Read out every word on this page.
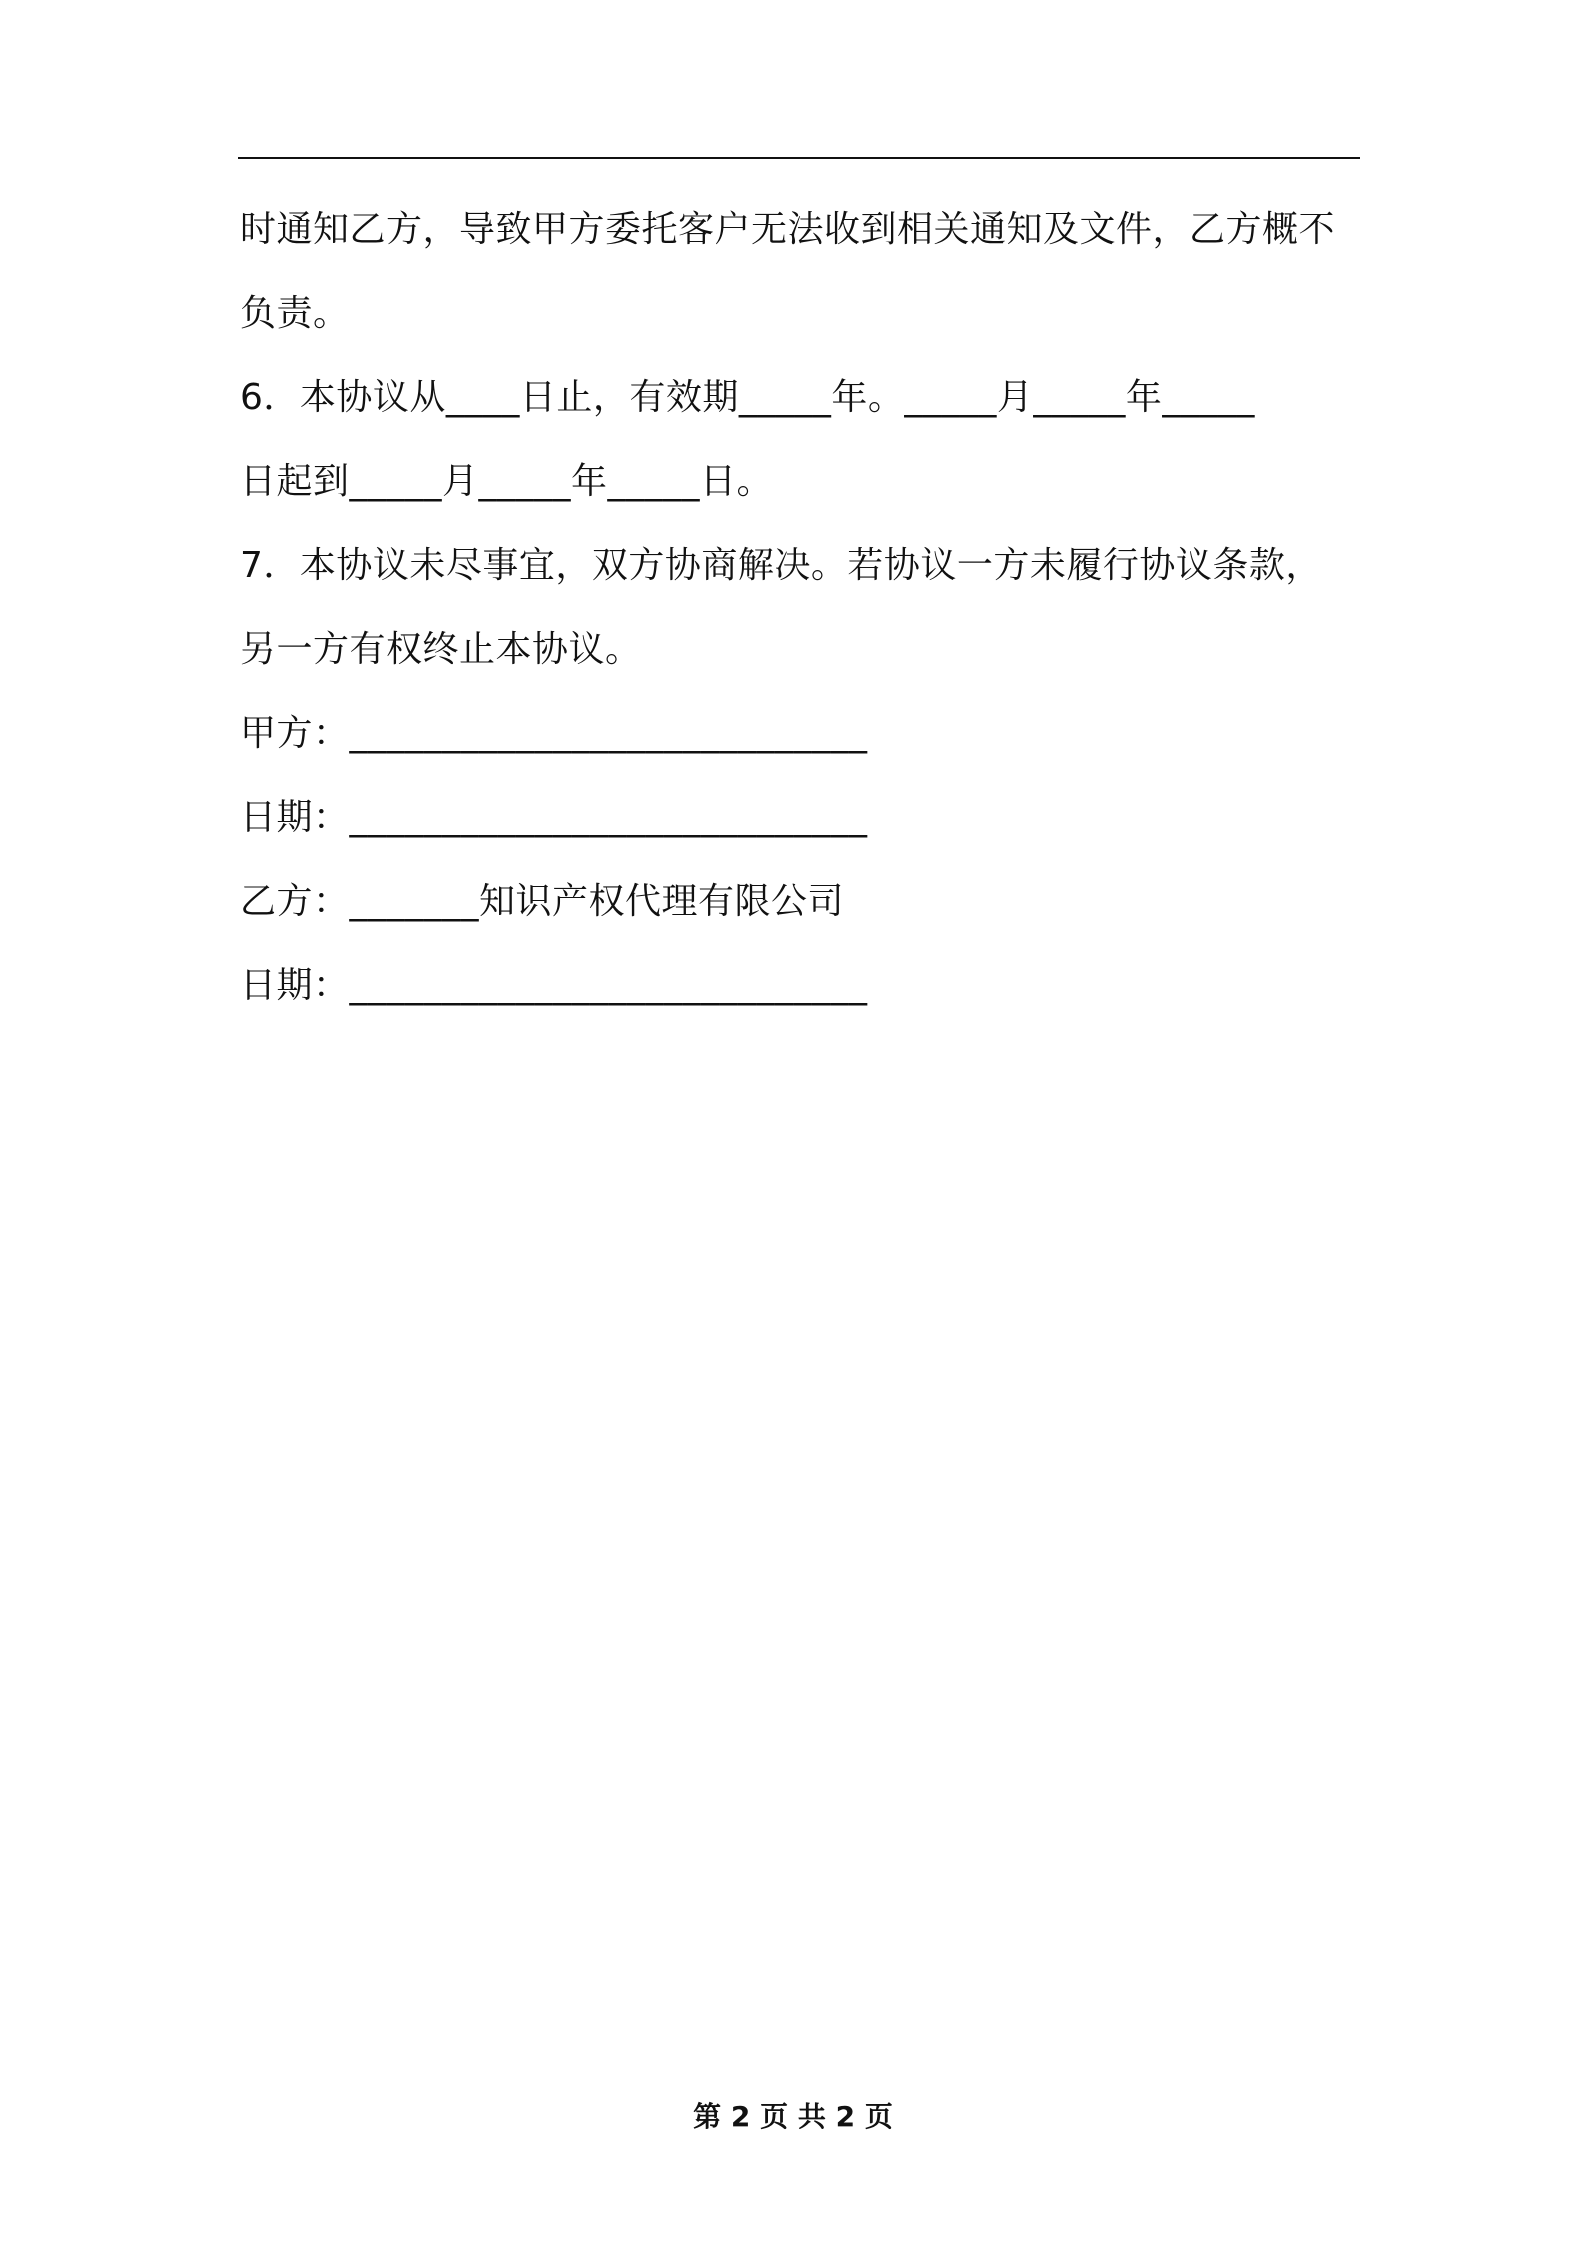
时通知乙方，导致甲方委托客户无法收到相关通知及文件，乙方概不
负责。
6．本协议从____日止，有效期_____年。_____月_____年_____
日起到_____月_____年_____日。
7．本协议未尽事宜，双方协商解决。若协议一方未履行协议条款，
另一方有权终止本协议。
甲方：____________________________
日期：____________________________
乙方：_______知识产权代理有限公司
日期：____________________________
第 2 页 共 2 页
